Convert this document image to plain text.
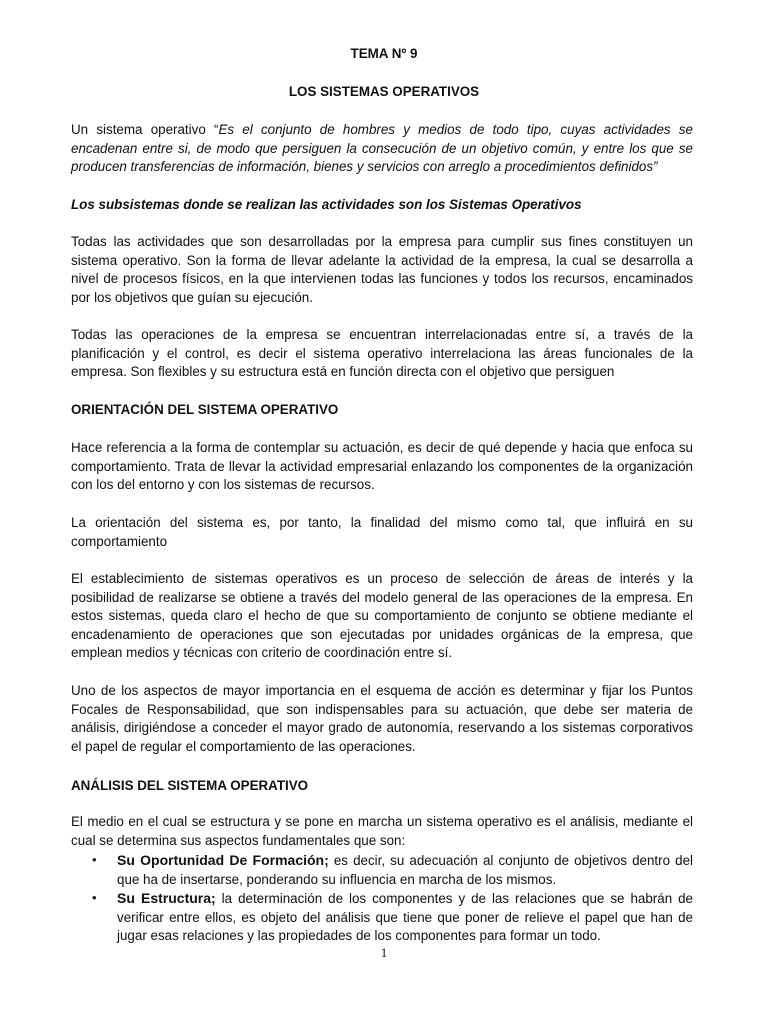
TEMA Nº 9

LOS SISTEMAS OPERATIVOS

Un sistema operativo “Es el conjunto de hombres y medios de todo tipo, cuyas actividades se encadenan entre si, de modo que persiguen la consecución de un objetivo común, y entre los que se producen transferencias de información, bienes y servicios con arreglo a procedimientos definidos”

Los subsistemas donde se realizan las actividades son los Sistemas Operativos

Todas las actividades que son desarrolladas por la empresa para cumplir sus fines constituyen un sistema operativo. Son la forma de llevar adelante la actividad de la empresa, la cual se desarrolla a nivel de procesos físicos, en la que intervienen todas las funciones y todos los recursos, encaminados por los objetivos que guían su ejecución.

Todas las operaciones de la empresa se encuentran interrelacionadas entre sí, a través de la planificación y el control, es decir el sistema operativo interrelaciona las áreas funcionales de la empresa. Son flexibles y su estructura está en función directa con el objetivo que persiguen

ORIENTACIÓN DEL SISTEMA OPERATIVO

Hace referencia a la forma de contemplar su actuación, es decir de qué depende y hacia que enfoca su comportamiento. Trata de llevar la actividad empresarial enlazando los componentes de la organización con los del entorno y con los sistemas de recursos.

La orientación del sistema es, por tanto, la finalidad del mismo como tal, que influirá en su comportamiento

El establecimiento de sistemas operativos es un proceso de selección de áreas de interés y la posibilidad de realizarse se obtiene a través del modelo general de las operaciones de la empresa. En estos sistemas, queda claro el hecho de que su comportamiento de conjunto se obtiene mediante el encadenamiento de operaciones que son ejecutadas por unidades orgánicas de la empresa, que emplean medios y técnicas con criterio de coordinación entre sí.

Uno de los aspectos de mayor importancia en el esquema de acción es determinar y fijar los Puntos Focales de Responsabilidad, que son indispensables para su actuación, que debe ser materia de análisis, dirigiéndose a conceder el mayor grado de autonomía, reservando a los sistemas corporativos el papel de regular el comportamiento de las operaciones.

ANÁLISIS DEL SISTEMA OPERATIVO

El medio en el cual se estructura y se pone en marcha un sistema operativo es el análisis, mediante el cual se determina sus aspectos fundamentales que son:

• Su Oportunidad De Formación; es decir, su adecuación al conjunto de objetivos dentro del que ha de insertarse, ponderando su influencia en marcha de los mismos.
• Su Estructura; la determinación de los componentes y de las relaciones que se habrán de verificar entre ellos, es objeto del análisis que tiene que poner de relieve el papel que han de jugar esas relaciones y las propiedades de los componentes para formar un todo.

1
